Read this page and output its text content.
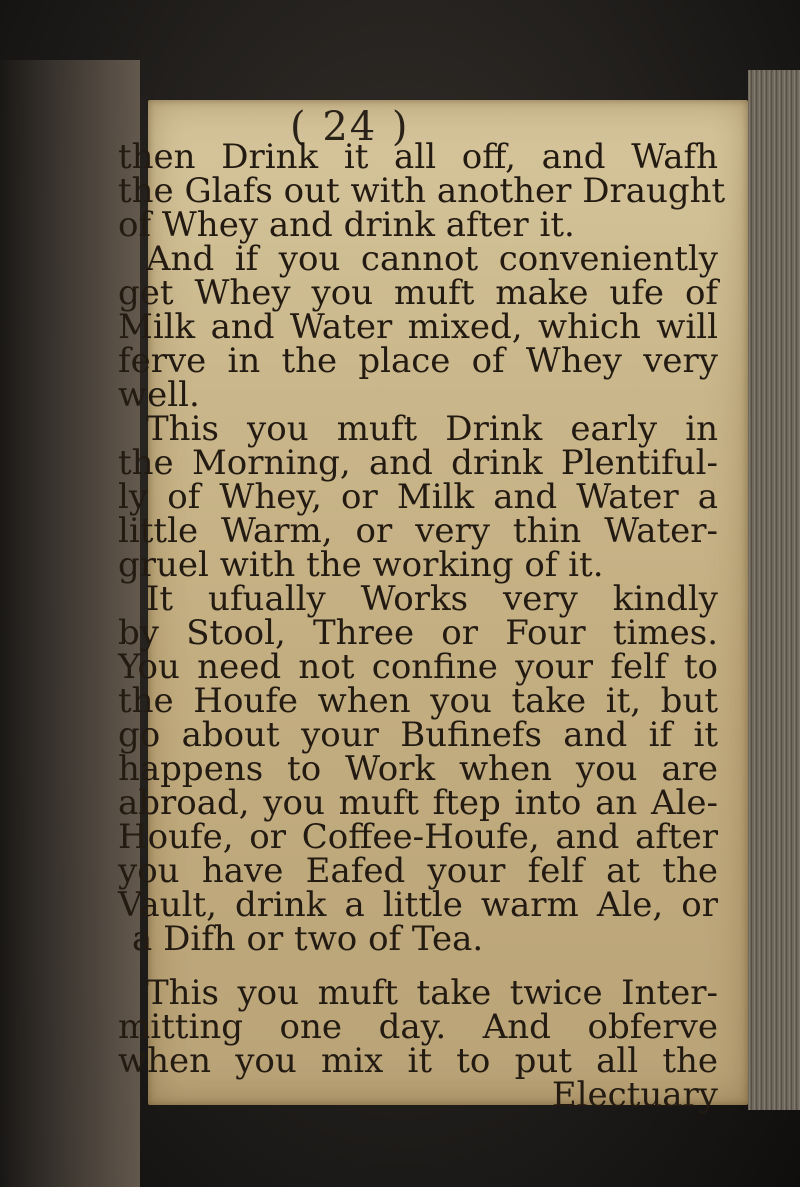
( 24 )
then Drink it all off, and Wafh
the Glafs out with another Draught
of Whey and drink after it.
And if you cannot conveniently
get Whey you muft make ufe of
Milk and Water mixed, which will
ferve in the place of Whey very
well.
This you muft Drink early in
the Morning, and drink Plentiful-
ly of Whey, or Milk and Water a
little Warm, or very thin Water-
gruel with the working of it.
It ufually Works very kindly
by Stool, Three or Four times.
You need not confine your felf to
the Houfe when you take it, but
go about your Bufinefs and if it
happens to Work when you are
abroad, you muft ftep into an Ale-
Houfe, or Coffee-Houfe, and after
you have Eafed your felf at the
Vault, drink a little warm Ale, or
a Difh or two of Tea.
This you muft take twice Inter-
mitting one day. And obferve
when you mix it to put all the
Electuary
